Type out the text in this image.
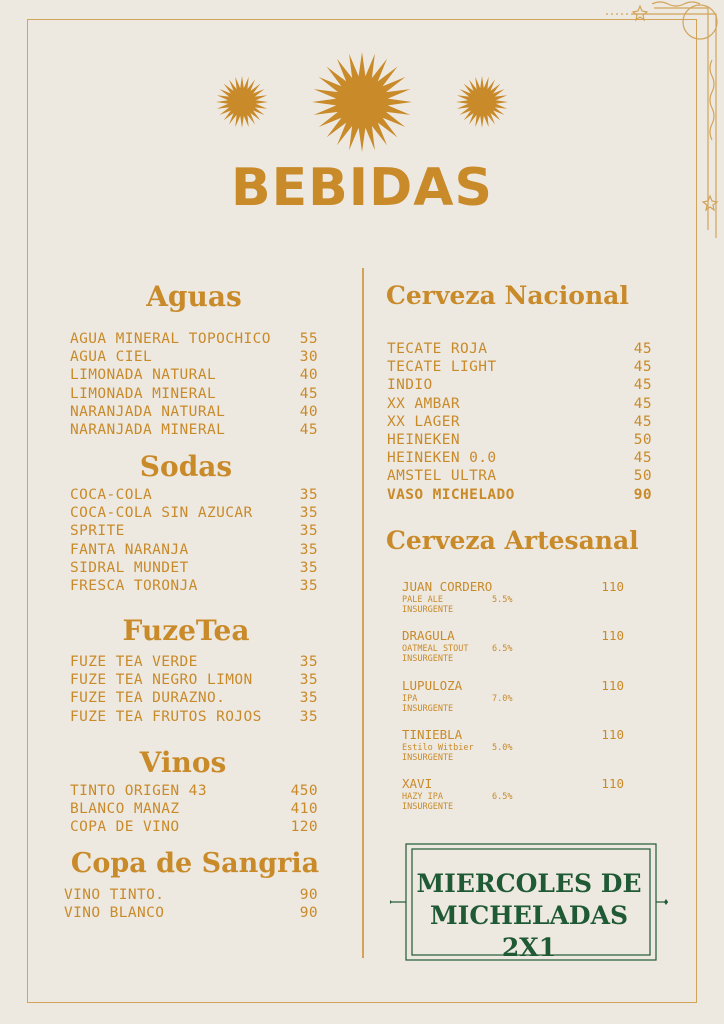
BEBIDAS
Aguas
AGUA MINERAL TOPOCHICO 55
AGUA CIEL	30
LIMONADA NATURAL	40
LIMONADA MINERAL	45
NARANJADA NATURAL	40
NARANJADA MINERAL	45
Sodas
COCA-COLA	35
COCA-COLA SIN AZUCAR	35
SPRITE	35
FANTA NARANJA	35
SIDRAL MUNDET	35
FRESCA TORONJA	35
FuzeTea
FUZE TEA VERDE	35
FUZE TEA NEGRO LIMON	35
FUZE TEA DURAZNO.	35
FUZE TEA FRUTOS ROJOS	35
Vinos
TINTO ORIGEN 43	450
BLANCO MANAZ	410
COPA DE VINO	120
Copa de Sangria
VINO TINTO.	90
VINO BLANCO	90
Cerveza Nacional
TECATE ROJA	45
TECATE LIGHT	45
INDIO	45
XX AMBAR	45
XX LAGER	45
HEINEKEN	50
HEINEKEN 0.0	45
AMSTEL ULTRA	50
VASO MICHELADO	90
Cerveza Artesanal
JUAN CORDERO	110
PALE ALE	5.5%
INSURGENTE
DRAGULA	110
OATMEAL STOUT	6.5%
INSURGENTE
LUPULOZA	110
IPA	7.0%
INSURGENTE
TINIEBLA	110
Estilo Witbier	5.0%
INSURGENTE
XAVI	110
HAZY IPA	6.5%
INSURGENTE
MIERCOLES DE
MICHELADAS 2X1
